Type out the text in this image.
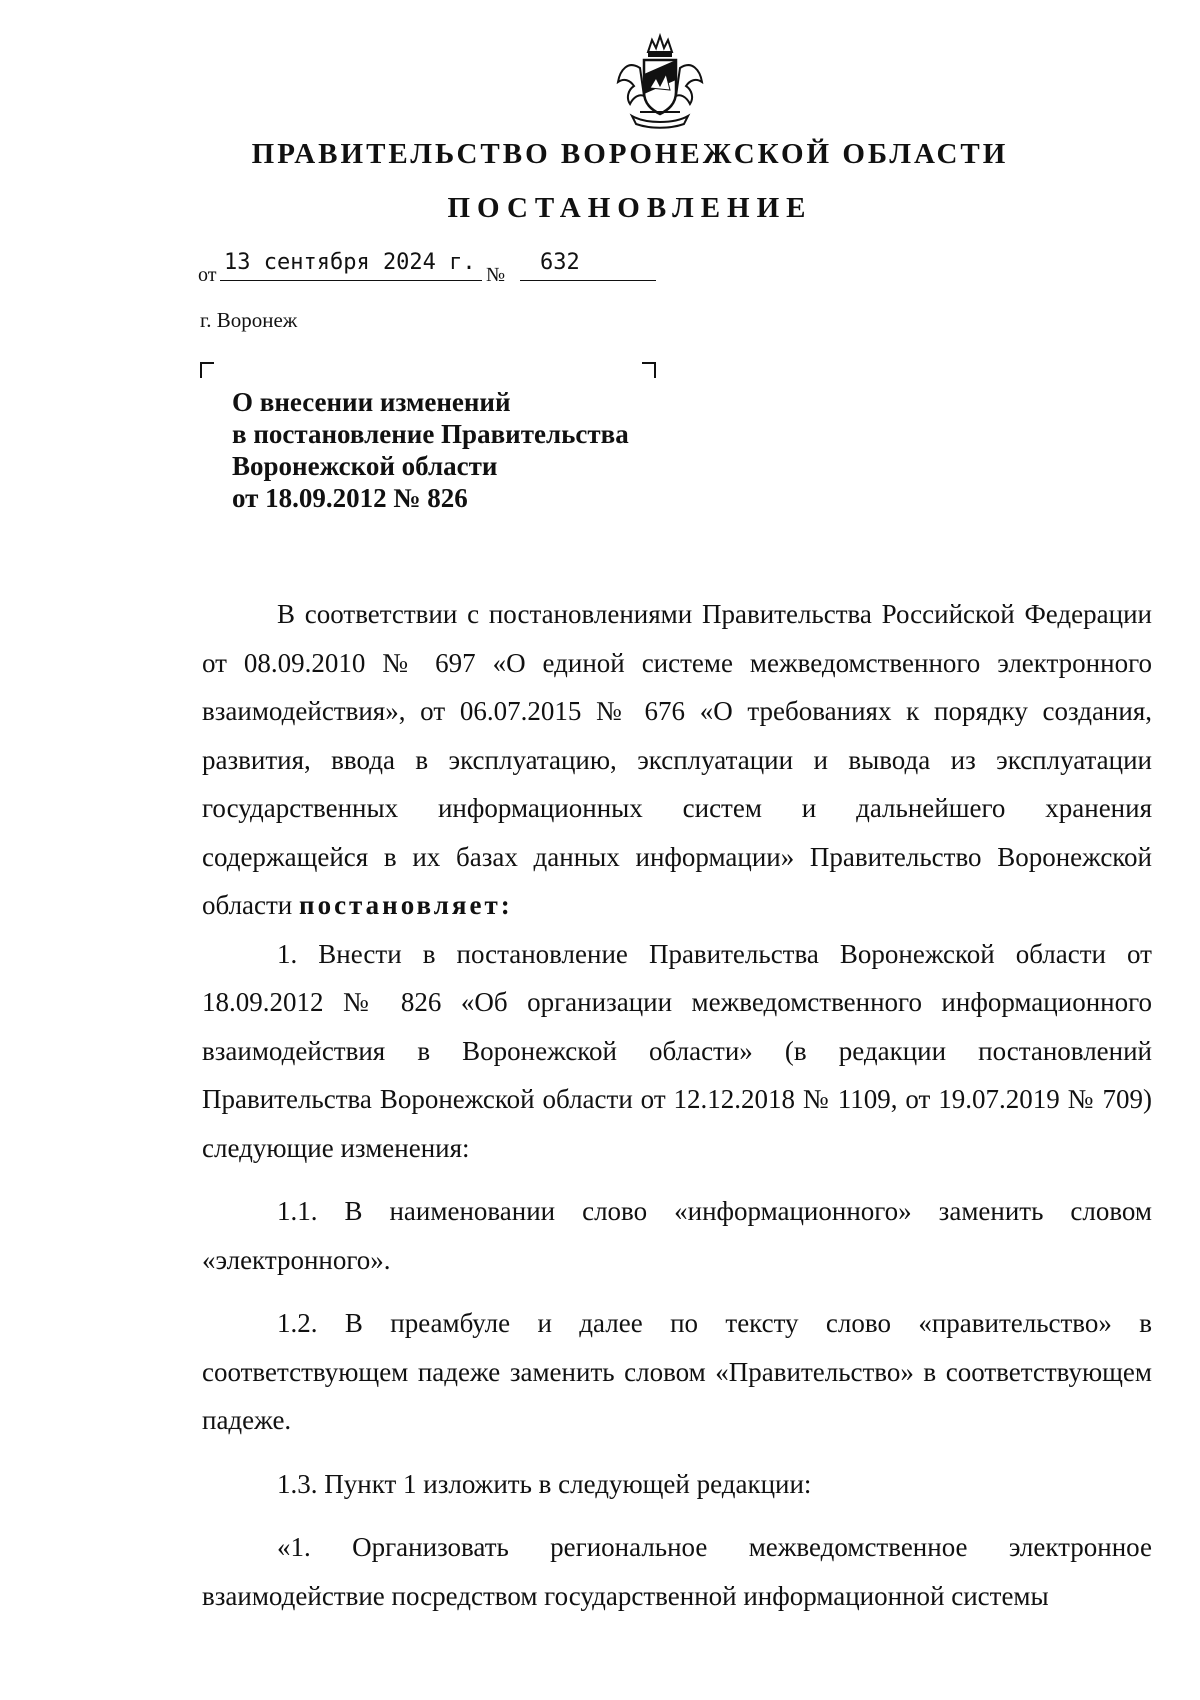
ПРАВИТЕЛЬСТВО ВОРОНЕЖСКОЙ ОБЛАСТИ
ПОСТАНОВЛЕНИЕ
от 13 сентября 2024 г. № 632
г. Воронеж
О внесении изменений
в постановление Правительства
Воронежской области
от 18.09.2012 № 826

В соответствии с постановлениями Правительства Российской Федерации от 08.09.2010 № 697 «О единой системе межведомственного электронного взаимодействия», от 06.07.2015 № 676 «О требованиях к порядку создания, развития, ввода в эксплуатацию, эксплуатации и вывода из эксплуатации государственных информационных систем и дальнейшего хранения содержащейся в их базах данных информации» Правительство Воронежской области постановляет:

1. Внести в постановление Правительства Воронежской области от 18.09.2012 № 826 «Об организации межведомственного информационного взаимодействия в Воронежской области» (в редакции постановлений Правительства Воронежской области от 12.12.2018 № 1109, от 19.07.2019 № 709) следующие изменения:

1.1. В наименовании слово «информационного» заменить словом «электронного».

1.2. В преамбуле и далее по тексту слово «правительство» в соответствующем падеже заменить словом «Правительство» в соответствующем падеже.

1.3. Пункт 1 изложить в следующей редакции:

«1. Организовать региональное межведомственное электронное взаимодействие посредством государственной информационной системы
